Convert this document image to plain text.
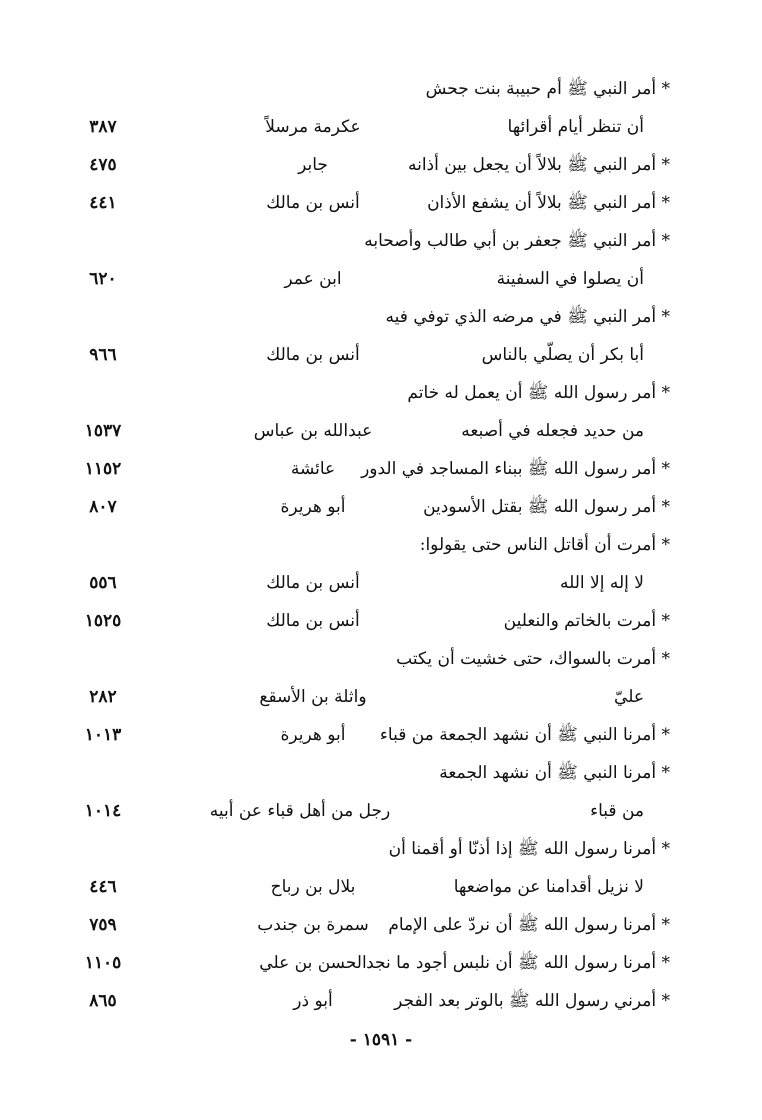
* أمر النبي ﷺ أم حبيبة بنت جحش
أن تنظر أيام أقرائها
عكرمة مرسلاً
٣٨٧
* أمر النبي ﷺ بلالاً أن يجعل بين أذانه
جابر
٤٧٥
* أمر النبي ﷺ بلالاً أن يشفع الأذان
أنس بن مالك
٤٤١
* أمر النبي ﷺ جعفر بن أبي طالب وأصحابه
أن يصلوا في السفينة
ابن عمر
٦٢٠
* أمر النبي ﷺ في مرضه الذي توفي فيه
أبا بكر أن يصلّي بالناس
أنس بن مالك
٩٦٦
* أمر رسول الله ﷺ أن يعمل له خاتم
من حديد فجعله في أصبعه
عبدالله بن عباس
١٥٣٧
* أمر رسول الله ﷺ ببناء المساجد في الدور
عائشة
١١٥٢
* أمر رسول الله ﷺ بقتل الأسودين
أبو هريرة
٨٠٧
* أمرت أن أقاتل الناس حتى يقولوا:
لا إله إلا الله
أنس بن مالك
٥٥٦
* أمرت بالخاتم والنعلين
أنس بن مالك
١٥٢٥
* أمرت بالسواك، حتى خشيت أن يكتب
عليّ
واثلة بن الأسقع
٢٨٢
* أمرنا النبي ﷺ أن نشهد الجمعة من قباء
أبو هريرة
١٠١٣
* أمرنا النبي ﷺ أن نشهد الجمعة
من قباء
رجل من أهل قباء عن أبيه
١٠١٤
* أمرنا رسول الله ﷺ إذا أذنّا أو أقمنا أن
لا نزيل أقدامنا عن مواضعها
بلال بن رباح
٤٤٦
* أمرنا رسول الله ﷺ أن نردّ على الإمام
سمرة بن جندب
٧٥٩
* أمرنا رسول الله ﷺ أن نلبس أجود ما نجد
الحسن بن علي
١١٠٥
* أمرني رسول الله ﷺ بالوتر بعد الفجر
أبو ذر
٨٦٥
- ١٥٩١ -
